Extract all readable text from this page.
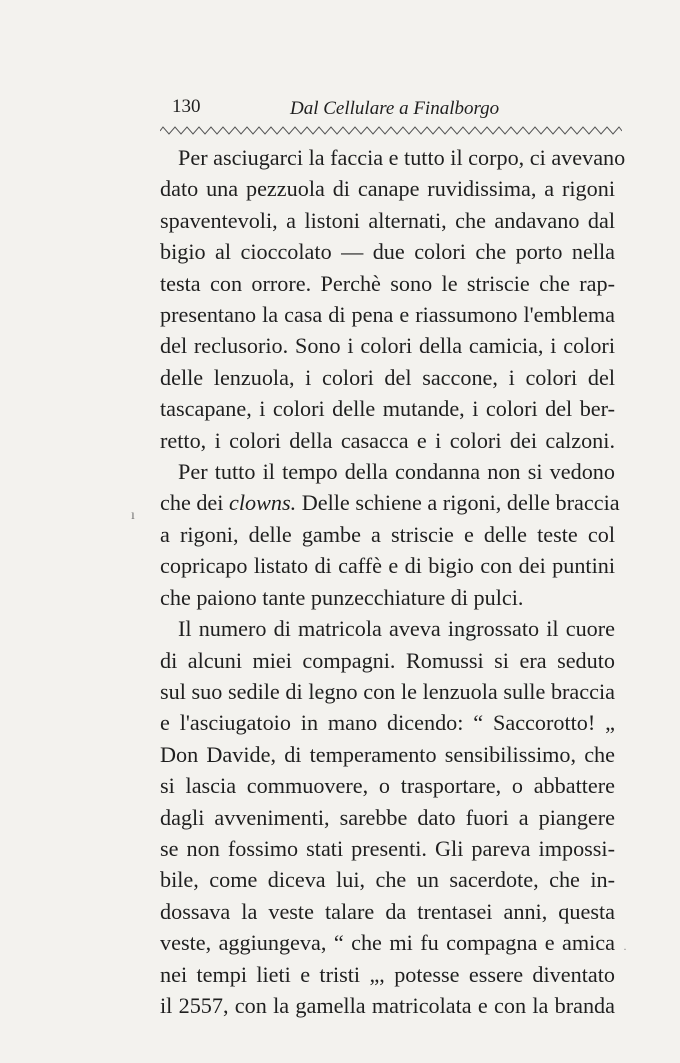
130	Dal Cellulare a Finalborgo
ı
Per asciugarci la faccia e tutto il corpo, ci avevano
dato una pezzuola di canape ruvidissima, a rigoni
spaventevoli, a listoni alternati, che andavano dal
bigio al cioccolato — due colori che porto nella
testa con orrore. Perchè sono le striscie che rap-
presentano la casa di pena e riassumono l'emblema
del reclusorio. Sono i colori della camicia, i colori
delle lenzuola, i colori del saccone, i colori del
tascapane, i colori delle mutande, i colori del ber-
retto, i colori della casacca e i colori dei calzoni.
Per tutto il tempo della condanna non si vedono
che dei clowns. Delle schiene a rigoni, delle braccia
a rigoni, delle gambe a striscie e delle teste col
copricapo listato di caffè e di bigio con dei puntini
che paiono tante punzecchiature di pulci.
Il numero di matricola aveva ingrossato il cuore
di alcuni miei compagni. Romussi si era seduto
sul suo sedile di legno con le lenzuola sulle braccia
e l'asciugatoio in mano dicendo: “ Saccorotto! „
Don Davide, di temperamento sensibilissimo, che
si lascia commuovere, o trasportare, o abbattere
dagli avvenimenti, sarebbe dato fuori a piangere
se non fossimo stati presenti. Gli pareva impossi-
bile, come diceva lui, che un sacerdote, che in-
dossava la veste talare da trentasei anni, questa
veste, aggiungeva, “ che mi fu compagna e amica
nei tempi lieti e tristi „, potesse essere diventato
il 2557, con la gamella matricolata e con la branda
·
